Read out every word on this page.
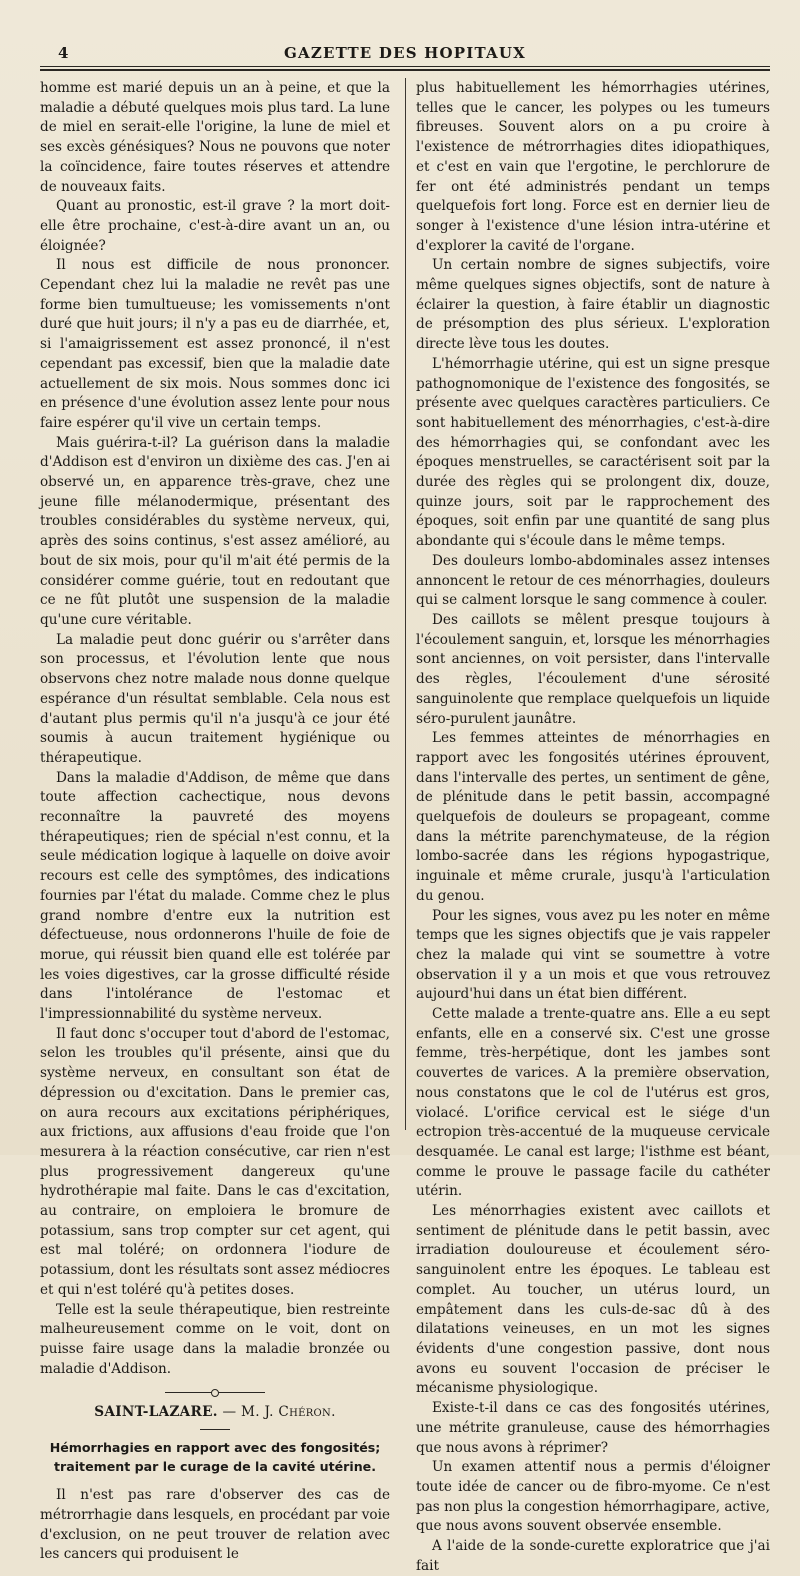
4	GAZETTE DES HOPITAUX

homme est marié depuis un an à peine, et que la maladie a débuté quelques mois plus tard. La lune de miel en serait-elle l'origine, la lune de miel et ses excès génésiques? Nous ne pouvons que noter la coïncidence, faire toutes réserves et attendre de nouveaux faits.

Quant au pronostic, est-il grave ? la mort doit-elle être prochaine, c'est-à-dire avant un an, ou éloignée?

Il nous est difficile de nous prononcer. Cependant chez lui la maladie ne revêt pas une forme bien tumultueuse; les vomissements n'ont duré que huit jours; il n'y a pas eu de diarrhée, et, si l'amaigrissement est assez prononcé, il n'est cependant pas excessif, bien que la maladie date actuellement de six mois. Nous sommes donc ici en présence d'une évolution assez lente pour nous faire espérer qu'il vive un certain temps.

Mais guérira-t-il? La guérison dans la maladie d'Addison est d'environ un dixième des cas. J'en ai observé un, en apparence très-grave, chez une jeune fille mélanodermique, présentant des troubles considérables du système nerveux, qui, après des soins continus, s'est assez amélioré, au bout de six mois, pour qu'il m'ait été permis de la considérer comme guérie, tout en redoutant que ce ne fût plutôt une suspension de la maladie qu'une cure véritable.

La maladie peut donc guérir ou s'arrêter dans son processus, et l'évolution lente que nous observons chez notre malade nous donne quelque espérance d'un résultat semblable. Cela nous est d'autant plus permis qu'il n'a jusqu'à ce jour été soumis à aucun traitement hygiénique ou thérapeutique.

Dans la maladie d'Addison, de même que dans toute affection cachectique, nous devons reconnaître la pauvreté des moyens thérapeutiques; rien de spécial n'est connu, et la seule médication logique à laquelle on doive avoir recours est celle des symptômes, des indications fournies par l'état du malade. Comme chez le plus grand nombre d'entre eux la nutrition est défectueuse, nous ordonnerons l'huile de foie de morue, qui réussit bien quand elle est tolérée par les voies digestives, car la grosse difficulté réside dans l'intolérance de l'estomac et l'impressionnabilité du système nerveux.

Il faut donc s'occuper tout d'abord de l'estomac, selon les troubles qu'il présente, ainsi que du système nerveux, en consultant son état de dépression ou d'excitation. Dans le premier cas, on aura recours aux excitations périphériques, aux frictions, aux affusions d'eau froide que l'on mesurera à la réaction consécutive, car rien n'est plus progressivement dangereux qu'une hydrothérapie mal faite. Dans le cas d'excitation, au contraire, on emploiera le bromure de potassium, sans trop compter sur cet agent, qui est mal toléré; on ordonnera l'iodure de potassium, dont les résultats sont assez médiocres et qui n'est toléré qu'à petites doses.

Telle est la seule thérapeutique, bien restreinte malheureusement comme on le voit, dont on puisse faire usage dans la maladie bronzée ou maladie d'Addison.

SAINT-LAZARE. — M. J. Chéron.
Hémorrhagies en rapport avec des fongosités; traitement par le curage de la cavité utérine.

Il n'est pas rare d'observer des cas de métrorrhagie dans lesquels, en procédant par voie d'exclusion, on ne peut trouver de relation avec les cancers qui produisent le

plus habituellement les hémorrhagies utérines, telles que le cancer, les polypes ou les tumeurs fibreuses. Souvent alors on a pu croire à l'existence de métrorrhagies dites idiopathiques, et c'est en vain que l'ergotine, le perchlorure de fer ont été administrés pendant un temps quelquefois fort long. Force est en dernier lieu de songer à l'existence d'une lésion intra-utérine et d'explorer la cavité de l'organe.

Un certain nombre de signes subjectifs, voire même quelques signes objectifs, sont de nature à éclairer la question, à faire établir un diagnostic de présomption des plus sérieux. L'exploration directe lève tous les doutes.

L'hémorrhagie utérine, qui est un signe presque pathognomonique de l'existence des fongosités, se présente avec quelques caractères particuliers. Ce sont habituellement des ménorrhagies, c'est-à-dire des hémorrhagies qui, se confondant avec les époques menstruelles, se caractérisent soit par la durée des règles qui se prolongent dix, douze, quinze jours, soit par le rapprochement des époques, soit enfin par une quantité de sang plus abondante qui s'écoule dans le même temps.

Des douleurs lombo-abdominales assez intenses annoncent le retour de ces ménorrhagies, douleurs qui se calment lorsque le sang commence à couler.

Des caillots se mêlent presque toujours à l'écoulement sanguin, et, lorsque les ménorrhagies sont anciennes, on voit persister, dans l'intervalle des règles, l'écoulement d'une sérosité sanguinolente que remplace quelquefois un liquide séro-purulent jaunâtre.

Les femmes atteintes de ménorrhagies en rapport avec les fongosités utérines éprouvent, dans l'intervalle des pertes, un sentiment de gêne, de plénitude dans le petit bassin, accompagné quelquefois de douleurs se propageant, comme dans la métrite parenchymateuse, de la région lombo-sacrée dans les régions hypogastrique, inguinale et même crurale, jusqu'à l'articulation du genou.

Pour les signes, vous avez pu les noter en même temps que les signes objectifs que je vais rappeler chez la malade qui vint se soumettre à votre observation il y a un mois et que vous retrouvez aujourd'hui dans un état bien différent.

Cette malade a trente-quatre ans. Elle a eu sept enfants, elle en a conservé six. C'est une grosse femme, très-herpétique, dont les jambes sont couvertes de varices. A la première observation, nous constatons que le col de l'utérus est gros, violacé. L'orifice cervical est le siége d'un ectropion très-accentué de la muqueuse cervicale desquamée. Le canal est large; l'isthme est béant, comme le prouve le passage facile du cathéter utérin.

Les ménorrhagies existent avec caillots et sentiment de plénitude dans le petit bassin, avec irradiation douloureuse et écoulement séro-sanguinolent entre les époques. Le tableau est complet. Au toucher, un utérus lourd, un empâtement dans les culs-de-sac dû à des dilatations veineuses, en un mot les signes évidents d'une congestion passive, dont nous avons eu souvent l'occasion de préciser le mécanisme physiologique.

Existe-t-il dans ce cas des fongosités utérines, une métrite granuleuse, cause des hémorrhagies que nous avons à réprimer?

Un examen attentif nous a permis d'éloigner toute idée de cancer ou de fibro-myome. Ce n'est pas non plus la congestion hémorrhagipare, active, que nous avons souvent observée ensemble.

A l'aide de la sonde-curette exploratrice que j'ai fait
